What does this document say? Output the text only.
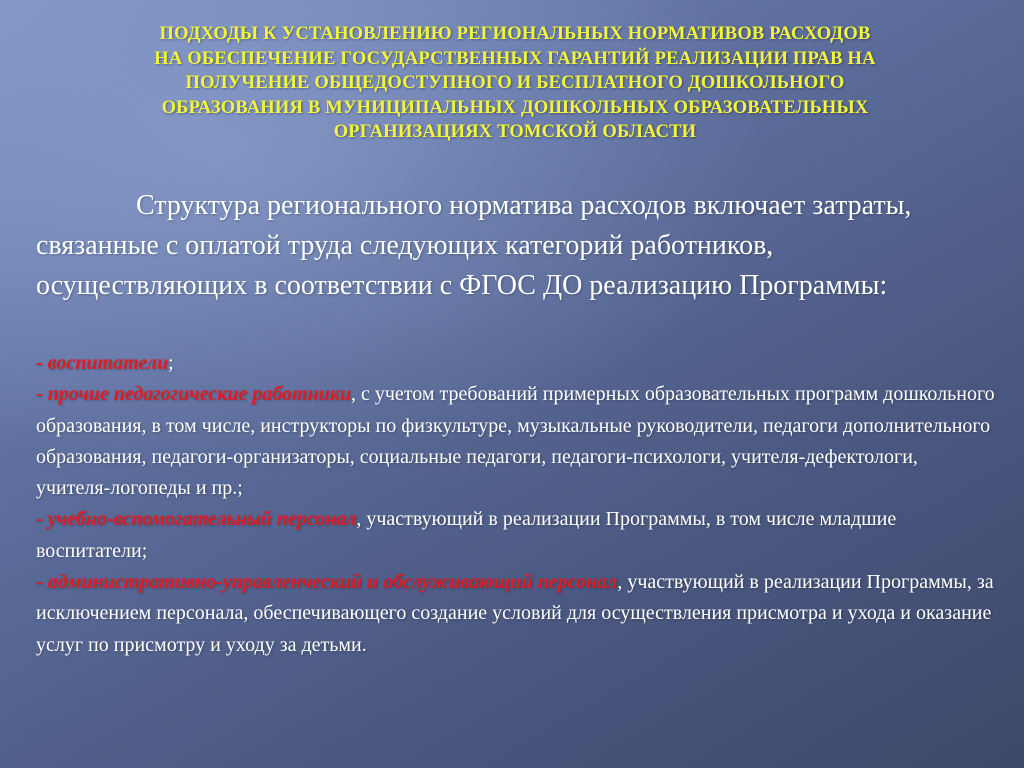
ПОДХОДЫ К УСТАНОВЛЕНИЮ РЕГИОНАЛЬНЫХ НОРМАТИВОВ РАСХОДОВ
НА ОБЕСПЕЧЕНИЕ ГОСУДАРСТВЕННЫХ ГАРАНТИЙ РЕАЛИЗАЦИИ ПРАВ НА
ПОЛУЧЕНИЕ ОБЩЕДОСТУПНОГО И БЕСПЛАТНОГО ДОШКОЛЬНОГО
ОБРАЗОВАНИЯ В МУНИЦИПАЛЬНЫХ ДОШКОЛЬНЫХ ОБРАЗОВАТЕЛЬНЫХ
ОРГАНИЗАЦИЯХ ТОМСКОЙ ОБЛАСТИ
Структура регионального норматива расходов включает затраты, связанные с оплатой труда следующих категорий работников, осуществляющих в соответствии с ФГОС ДО реализацию Программы:

- воспитатели;

- прочие педагогические работники, с учетом требований примерных образовательных программ дошкольного образования, в том числе, инструкторы по физкультуре, музыкальные руководители, педагоги дополнительного образования, педагоги-организаторы, социальные педагоги, педагоги-психологи, учителя-дефектологи, учителя-логопеды и пр.;

- учебно-вспомогательный персонал, участвующий в реализации Программы, в том числе младшие воспитатели;

- административно-управленческий и обслуживающий персонал, участвующий в реализации Программы, за исключением персонала, обеспечивающего создание условий для осуществления присмотра и ухода и оказание услуг по присмотру и уходу за детьми.
